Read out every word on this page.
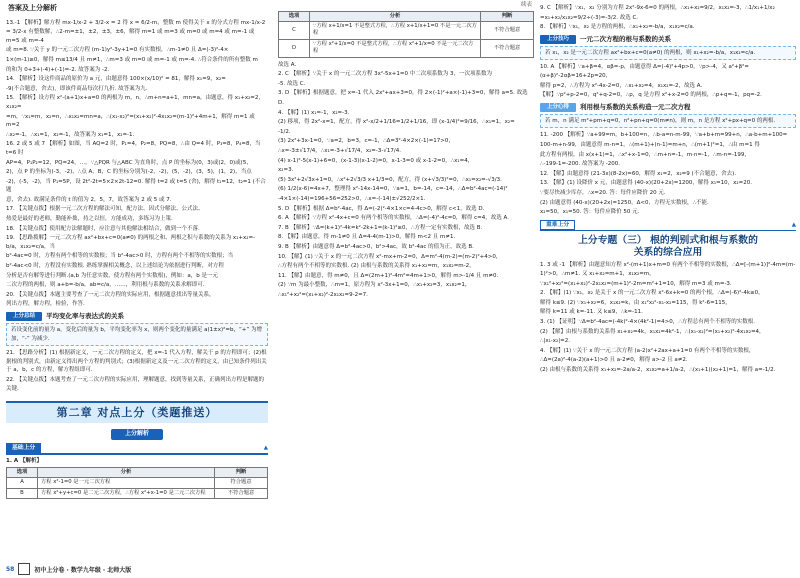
答案及上分解析
13.-1 【解析】解方程 mx-1/x-2 + 3/2-x = 2 得 x = 6/2-m，整数 m 使得关于 x 的分式方程 mx-1/x-2
= 3/2-x 有整数解，∴2-m=±1，±2，±3，±6，解得 m=1 或 m=3 或 m=0 或 m=4 或 m=-1 或 m=5 或 m=-4
或 m=8. ∵关于 y 的一元二次方程 (m-1)y²-3y+1=0 有实数根，∴m-1≠0 且 Δ=(-3)²-4×
1×(m-1)≥0，解得 m≤13/4 且 m≠1，∴m=3 或 m=0 或 m=-1 或 m=-4. ∴符合条件的所有整数 m
的和为 0+3+(-4)+(-1)=-2. 故答案为 -2.
14. 【解析】设这件商品的原价为 a 元，由题意得 100×(x/10)² = 81，解得 x₁=9，x₂=
-9(不合题意，舍去)，即该件商品每次打九折. 故答案为九.
15. 【解析】设方程 x²-(a+1)x+a=0 的两根为 m，n，∴m+n=a+1，mn=a，由题意，得 x₁+x₂=2，x₁x₂=
=m，∵x₁=m，x₂=n，∴x₁x₂=mn=a，∴(x₁-x₂)²=(x₁+x₂)²-4x₁x₂=(m-1)²+4m+1，解得 m=1 或 m=2
∴x₂=-1，∴x₁=1，x₂=-1，故答案为 x₁=1，x₂=-1.
16. 2 或 5 或 7 【解析】如图，当 AQ=2 时，P₁=4，P₂=8，PQ=8，∴由 Q=4 时，P₃=8，P₄=8，当 t=6 时
AP=4，P₁P₂=12，PQ=24，…，∵△PQR 与△ABC 为直角时，点 P 的坐标为(0，3)或(2，0)或(5，
2)，点 P 的坐标为(-3，-2)，∴点 A，B，C 的坐标分别为(-2，-2)，(5，-2)，(3，5)，(1，2)，当点
-2)，(-5，-2)，当 P₁=5P，设 2t²-2t=5×2×2t-12=0. 解得 t=2 或 t=5 (舍)，解得 t₁=12，t₂=1 (不合题
意，舍去). 故满足条件的 t 的值为 2，5，7，故答案为 2 或 5 或 7.
17. 【关键点拨】根据一元二次方程的解法可知，配方法、因式分解法、公式法、
热爱是最好的老师，勤能补拙，持之以恒，方能成功，多练习为上策.
18. 【关键点拨】使用配方法解题时，应注意与其他解法相结合，做到一个不落.
19. 【思路拨解】一元二次方程 ax²+bx+c=0(a≠0) 的两根之和、两根之积与系数的关系为 x₁+x₂=-b/a，x₁x₂=c/a，当
b²-4ac=0 时，方程有两个相等的实数根；当 b²-4ac>0 时，方程有两个不相等的实数根；当
b²-4ac<0 时，方程没有实数根. 熟练掌握相关概念，以上述结论为依据进行判断，对方程
分析是否有解等进行判断.(a,b 为任意实数，使方程有两个实数根)，例如：a，b 是一元
二次方程的两根，则 a+b=-b/a，ab=c/a，……，利用根与系数的关系求解即可.
20. 【关键点拨】本题主要考查了一元二次方程的实际应用，根据题意找出等量关系，
列出方程，解方程，检验，作答.
上分总结	平均变化率与表达式的关系
若设变化前的量为 a，变化后的量为 b，平均变化率为 x，则两个变化的量满足 a(1±x)²=b，“+” 为增加，“-” 为减少.
21. 【思路分析】(1) 根据新定义，一元二次方程的定义，把 x=-1 代入方程，解关于 p 的方程即可；(2)根据根的判别式，由新定义得出两个方程的判别式；(3)根据新定义及一元二次方程的定义，由已知条件列出关于 a，b，c 的方程，解方程组即可.
22. 【关键点拨】本题考查了一元二次方程的实际应用，理解题意，找到等量关系，正确列出方程是解题的关键.
第二章 对点上分（类题推送）
上分解析
基础上分	▲
1. A 【解析】
选项	分析	判断
A	方程 x²-1=0 是一元二次方程	符合题意
B	方程 x²+y+c=0 是二元二次方程，∴方程 x²+x-1=0 是二元二次方程	不符合题意
58	初中上分卷 · 数学九年级 · 北师大版
续表
选项	分析	判断
C	∵方程 x+1/x=1 不是整式方程，∴方程 x+1/x+1=0 不是一元二次方程	不符合题意
D	∵方程 x²+1/x=0 不是整式方程，∴方程 x²+1/x=0 不是一元二次方程	不符合题意
故选 A.
2. C 【解析】∵关于 x 的一元二次方程 3x²-5x+1=0 中二次项系数为 3，一次项系数为
-5. 故选 C.
3. D 【解析】根据题意，把 x=-1 代入 2x²+ax+3=0，得 2×(-1)²+a×(-1)+3=0，解得 a=5. 故选
D.
4. 【解】(1) x₁=-1，x₂=-3.
(2) 移项，得 2x²-x=1，配方，得 x²-x/2+1/16=1/2+1/16，即 (x-1/4)²=9/16，∴x₁=1，x₂=
-1/2.
(3) 2x²+3x-1=0，∵a=2，b=3，c=-1，∴Δ=3²-4×2×(-1)=17>0，
∴x=-3±√17/4，∴x₁=-3+√17/4，x₂=-3-√17/4.
(4) x-1)²-5(x-1)+6=0，(x-1-3)(x-1-2)=0，x-1-3=0 或 x-1-2=0，∴x₁=4，
x₂=3.
(5) 3x²+2√3x+1=0，∴x²+2√3/3 x+1/3=0，配方，得 (x+√3/3)²=0，∴x₁=x₂=-√3/3.
(6) 1/2(x-6)=4x+7，整理得 x²-14x-14=0，∵a=1，b=-14，c=-14，∴Δ=b²-4ac=(-14)²
-4×1×(-14)=196+56=252>0，∴x=-(-14)±√252/2×1.
5. D 【解析】根据 Δ=b²-4ac，得 Δ=(-2)²-4×1×c=4-4c>0，解得 c<1，故选 D.
6. A 【解析】∵方程 x²-4x+c=0 有两个相等的实数根，∴Δ=(-4)²-4c=0，解得 c=4，故选 A.
7. B 【解析】∵Δ=(k+1)²-4k=k²-2k+1=(k-1)²≥0，∴方程一定有实数根，故选 B.
8. 【解】由题意，得 m-1≠0 且 Δ=4-4(m-1)>0，解得 m<2 且 m≠1.
9. B 【解析】由题意得 Δ=b²-4ac>0，b²>4ac，故 b²-4ac 的值为正，故选 B.
10. 【解】(1) ∵关于 x 的一元二次方程 x²-mx+m-2=0，Δ=m²-4(m-2)=(m-2)²+4>0，
∴方程有两个不相等的实数根. (2) 由根与系数的关系得 x₁+x₂=m，x₁x₂=m-2，
11. 【解】由题意，得 m≠0，且 Δ=(2m+1)²-4m²=4m+1>0，解得 m>-1/4 且 m≠0.
(2) ∵m 为最小整数，∴m=1，原方程为 x²-3x+1=0，∴x₁+x₂=3，x₁x₂=1，
∴x₁²+x₂²=(x₁+x₂)²-2x₁x₂=9-2=7.
9. C 【解析】∵x₁，x₂ 分别为方程 2x²-9x-6=0 的两根，∴x₁+x₂=9/2，x₁x₂=-3，∴1/x₁+1/x₂
=x₁+x₂/x₁x₂=9/2÷(-3)=-3/2. 故选 C.
8. 【解析】∵x₁，x₂ 是方程的两根，∴x₁+x₂=-b/a，x₁x₂=c/a.
上分技巧	一元二次方程的根与系数的关系
若 x₁，x₂ 是一元二次方程 ax²+bx+c=0(a≠0) 的两根，则 x₁+x₂=-b/a，x₁x₂=c/a.
10. A 【解析】∵a+β=4，αβ=-p，由题意得 Δ=(-4)²+4p>0，∵p>-4，又 a²+β²=(α+β)²-2αβ=16+2p=20，
解得 p=2，∴方程为 x²-4x-2=0，∴x₁+x₂=4，x₁x₂=-2，故选 A.
【解】∵p²+p-2=0，q²+q-2=0，∴p，q 是方程 x²+x-2=0 的两根，∴p+q=-1，pq=-2.
上分心得	利用根与系数的关系构造一元二次方程
若 m，n 满足 m²+pm+q=0，n²+pn+q=0(m≠n)，则 m，n 是方程 x²+px+q=0 的两根.
11. -200 【解析】∵a+99=m，b+100=n，∴b-a=n-m-99，∵a+b+m=99+n，∴a-b+m+100=
100-m+n-99，由题意得 m-n=1，∴(m+1)+(n-1)=m+n，∴(m+1)²=1，∴由 m=1 得
此方程有两根，由 x(x+1)=1，∴x²+x-1=0，∴m+n=-1，m·n=-1，∴m-n=-199，
∴-199-1=-200. 故答案为 -200.
12. 【解】由题意得 (21-3x)(8-2x)=60，解得 x₁=2，x₂=9 (不合题意，舍去).
13. 【解】(1) 设降价 x 元，由题意得 (40-x)(20+2x)=1200，解得 x₁=10，x₂=20.
∵要尽快减少库存，∴x=20. 答：每件应降价 20 元.
(2) 由题意得 (40-x)(20+2x)=1250，Δ<0，方程无实数根，∴不能.
x₂=50，x₁=50. 答：每件应降价 50 元.
重难上分	▲
上分专题（三） 根的判别式和根与系数的
关系的综合应用
1. 3 或 -1 【解析】由题意知方程 x²-(m+1)x+m=0 有两个不相等的实数根，∴Δ=[-(m+1)]²-4m=(m-1)²>0，∴m≠1. 又 x₁+x₂=m+1，x₁x₂=m，
∵x₁²+x₂²=(x₁+x₂)²-2x₁x₂=(m+1)²-2m=m²+1=10，解得 m=3 或 m=-3.
2. 【解】(1) ∵x₁，x₂ 是关于 x 的一元二次方程 x²-6x+k=0 的两个根，∴Δ=(-6)²-4k≥0，
解得 k≤9. (2) ∵x₁+x₂=6，x₁x₂=k，由 x₁²x₂²-x₁-x₂=115，得 k²-6=115，
解得 k=11 或 k=-11. 又 k≤9，∴k=-11.
3. (1) 【证明】∵Δ=b²-4ac=(-4k)²-4×(4k²-1)=4>0，∴方程总有两个不相等的实数根.
(2) 【解】由根与系数的关系得 x₁+x₂=4k，x₁x₂=4k²-1，∴(x₁-x₂)²=(x₁+x₂)²-4x₁x₂=4，
∴|x₁-x₂|=2.
4. 【解】(1) ∵关于 x 的一元二次方程 (a-2)x²+2ax+a+1=0 有两个不相等的实数根，
∴Δ=(2a)²-4(a-2)(a+1)>0 且 a-2≠0，解得 a>-2 且 a≠2.
(2) 由根与系数的关系得 x₁+x₂=-2a/a-2，x₁x₂=a+1/a-2，∴(x₁+1)(x₂+1)=1，解得 a=-1/2.
